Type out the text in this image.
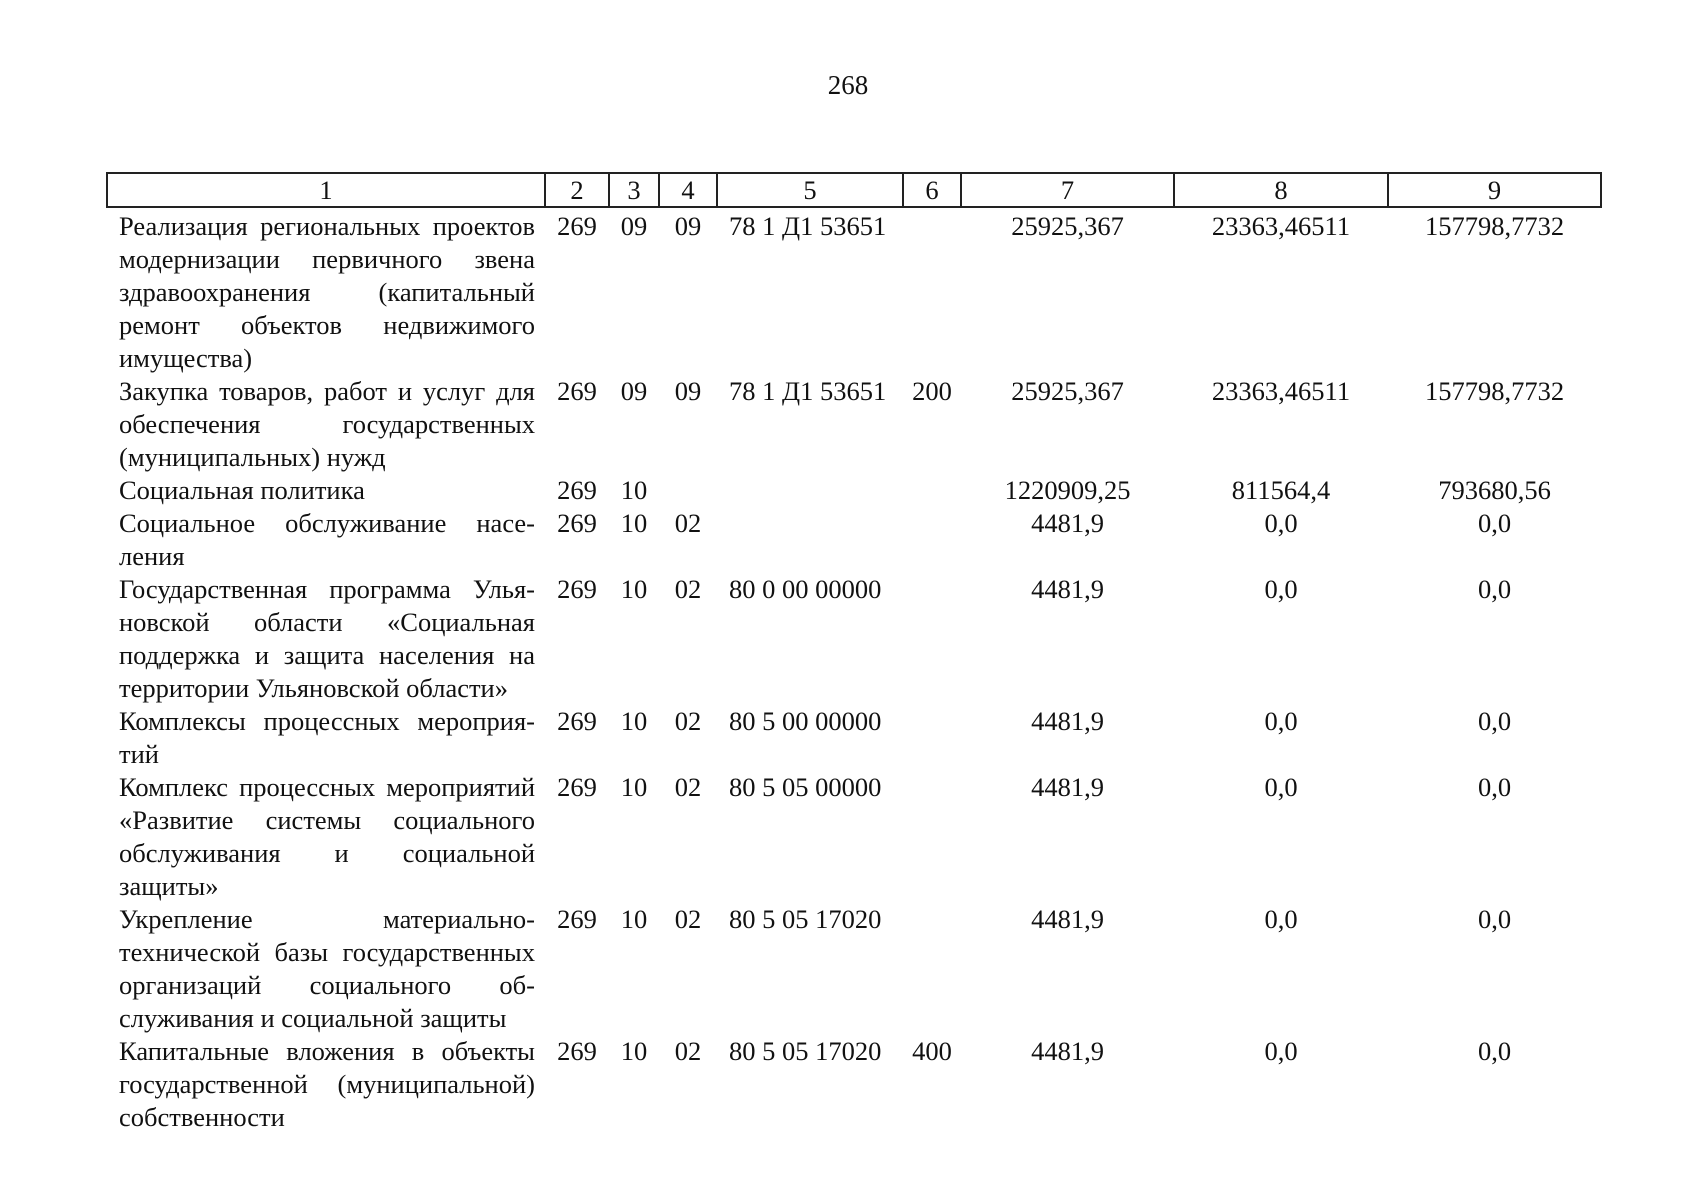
268
1	2	3	4	5	6	7	8	9
Реализация региональных проектов модернизации первичного звена здравоохранения (капитальный ремонт объектов недвижимого имущества)	269	09	09	78 1 Д1 53651		25925,367	23363,46511	157798,7732
Закупка товаров, работ и услуг для обеспечения государственных (муниципальных) нужд	269	09	09	78 1 Д1 53651	200	25925,367	23363,46511	157798,7732
Социальная политика	269	10				1220909,25	811564,4	793680,56
Социальное обслуживание населения	269	10	02			4481,9	0,0	0,0
Государственная программа Ульяновской области «Социальная поддержка и защита населения на территории Ульяновской области»	269	10	02	80 0 00 00000		4481,9	0,0	0,0
Комплексы процессных мероприятий	269	10	02	80 5 00 00000		4481,9	0,0	0,0
Комплекс процессных мероприятий «Развитие системы социального обслуживания и социальной защиты»	269	10	02	80 5 05 00000		4481,9	0,0	0,0
Укрепление материально-технической базы государственных организаций социального обслуживания и социальной защиты	269	10	02	80 5 05 17020		4481,9	0,0	0,0
Капитальные вложения в объекты государственной (муниципальной) собственности	269	10	02	80 5 05 17020	400	4481,9	0,0	0,0
